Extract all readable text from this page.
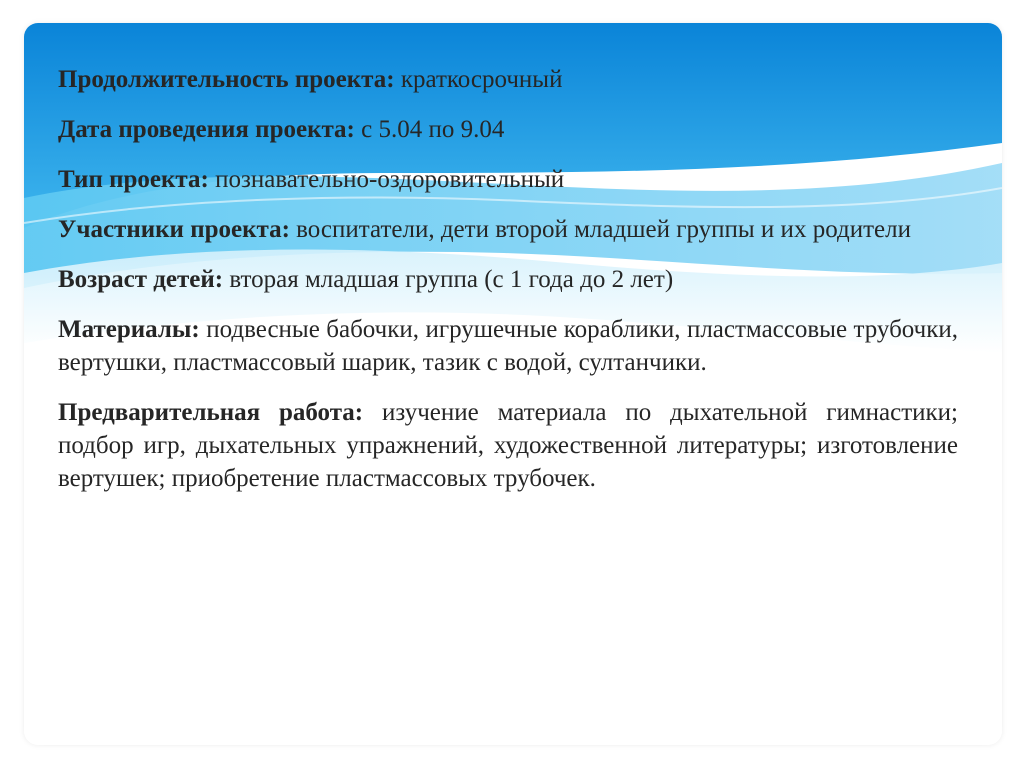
Продолжительность проекта: краткосрочный

Дата проведения проекта: с 5.04 по 9.04

Тип проекта: познавательно-оздоровительный

Участники проекта: воспитатели, дети второй младшей группы и их родители

Возраст детей: вторая младшая группа (с 1 года до 2 лет)

Материалы: подвесные бабочки, игрушечные кораблики, пластмассовые трубочки, вертушки, пластмассовый шарик, тазик с водой, султанчики.

Предварительная работа: изучение материала по дыхательной гимнастики; подбор игр, дыхательных упражнений, художественной литературы; изготовление вертушек; приобретение пластмассовых трубочек.
